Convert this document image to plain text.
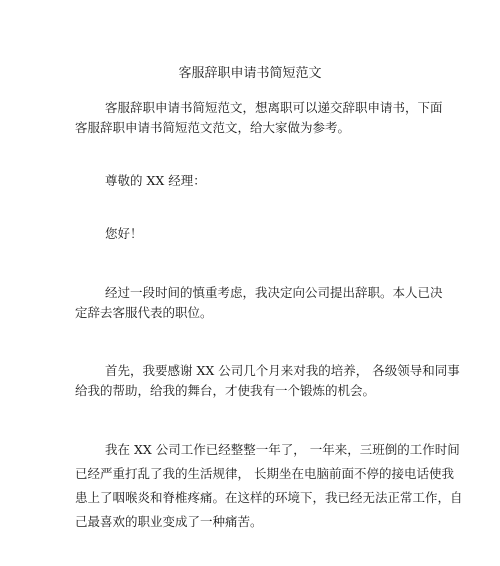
客服辞职申请书简短范文
客服辞职申请书简短范文，想离职可以递交辞职申请书，下面
客服辞职申请书简短范文范文，给大家做为参考。
尊敬的 XX 经理：
您好！
经过一段时间的慎重考虑，我决定向公司提出辞职。本人已决
定辞去客服代表的职位。
首先，我要感谢 XX 公司几个月来对我的培养， 各级领导和同事
给我的帮助，给我的舞台，才使我有一个锻炼的机会。
我在 XX 公司工作已经整整一年了， 一年来，三班倒的工作时间
已经严重打乱了我的生活规律， 长期坐在电脑前面不停的接电话使我
患上了咽喉炎和脊椎疼痛。在这样的环境下，我已经无法正常工作，自
己最喜欢的职业变成了一种痛苦。
